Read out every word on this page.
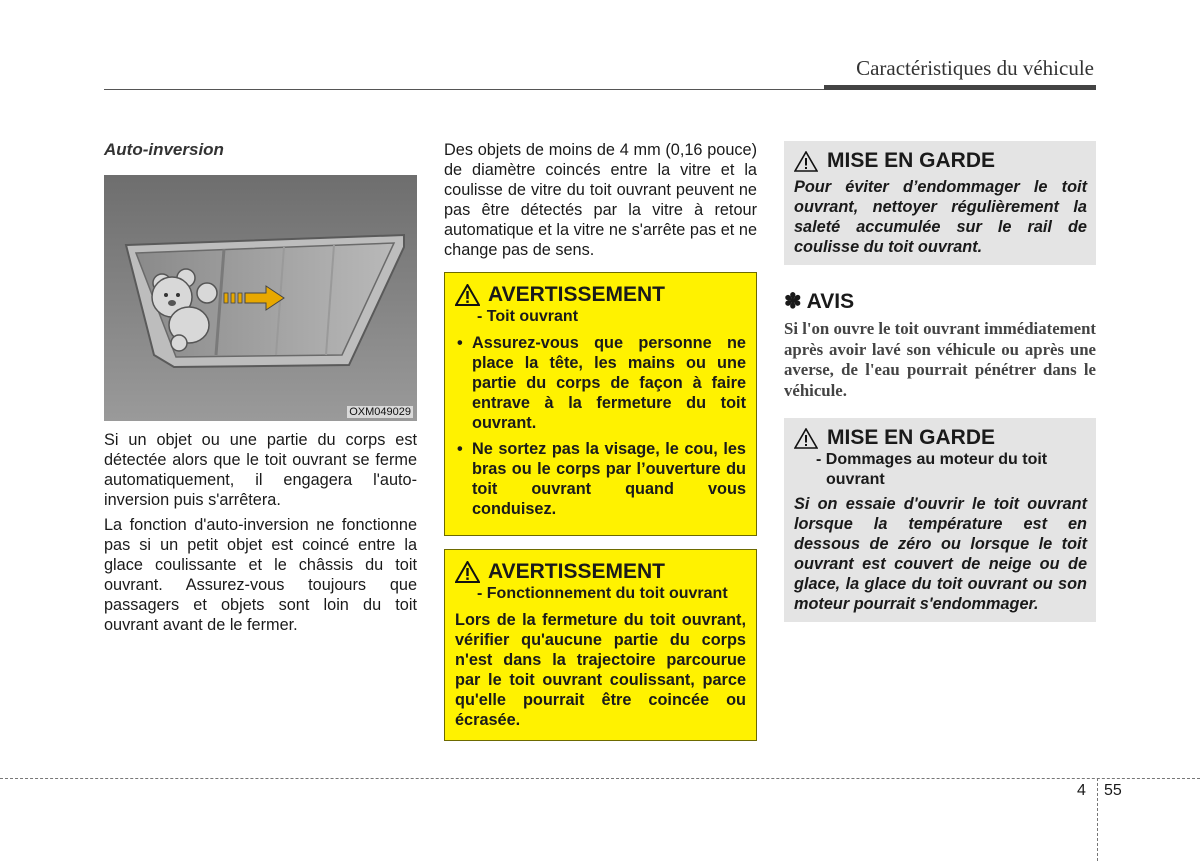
Caractéristiques du véhicule
Auto-inversion
OXM049029

Si un objet ou une partie du corps est détectée alors que le toit ouvrant se ferme automatiquement, il engagera l'auto-inversion puis s'arrêtera.

La fonction d'auto-inversion ne fonctionne pas si un petit objet est coincé entre la glace coulissante et le châssis du toit ouvrant. Assurez-vous toujours que passagers et objets sont loin du toit ouvrant avant de le fermer.

Des objets de moins de 4 mm (0,16 pouce) de diamètre coincés entre la vitre et la coulisse de vitre du toit ouvrant peuvent ne pas être détectés par la vitre à retour automatique et la vitre ne s'arrête pas et ne change pas de sens.

AVERTISSEMENT
- Toit ouvrant
• Assurez-vous que personne ne place la tête, les mains ou une partie du corps de façon à faire entrave à la fermeture du toit ouvrant.
• Ne sortez pas la visage, le cou, les bras ou le corps par l’ouverture du toit ouvrant quand vous conduisez.
AVERTISSEMENT
- Fonctionnement du toit ouvrant
Lors de la fermeture du toit ouvrant, vérifier qu'aucune partie du corps n'est dans la trajectoire parcourue par le toit ouvrant coulissant, parce qu'elle pourrait être coincée ou écrasée.
MISE EN GARDE
Pour éviter d’endommager le toit ouvrant, nettoyer régulièrement la saleté accumulée sur le rail de coulisse du toit ouvrant.
✽ AVIS
Si l'on ouvre le toit ouvrant immédiatement après avoir lavé son véhicule ou après une averse, de l'eau pourrait pénétrer dans le véhicule.
MISE EN GARDE
- Dommages au moteur du toit ouvrant
Si on essaie d'ouvrir le toit ouvrant lorsque la température est en dessous de zéro ou lorsque le toit ouvrant est couvert de neige ou de glace, la glace du toit ouvrant ou son moteur pourrait s'endommager.
4 55
